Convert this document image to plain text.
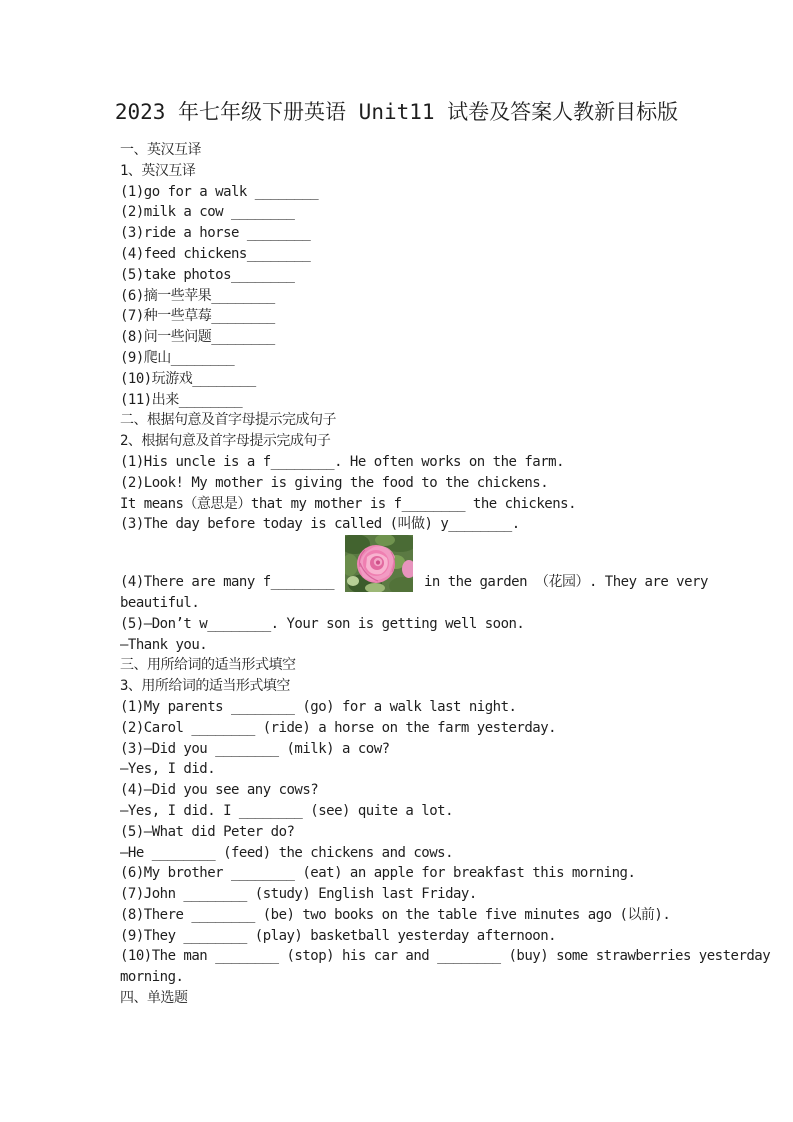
2023 年七年级下册英语 Unit11 试卷及答案人教新目标版

一、英汉互译

1、英汉互译

(1)go for a walk ________

(2)milk a cow ________

(3)ride a horse ________

(4)feed chickens________

(5)take photos________

(6)摘一些苹果________

(7)种一些草莓________

(8)问一些问题________

(9)爬山________

(10)玩游戏________

(11)出来________

二、根据句意及首字母提示完成句子

2、根据句意及首字母提示完成句子

(1)His uncle is a f________. He often works on the farm.

(2)Look! My mother is giving the food to the chickens.

It means（意思是）that my mother is f________ the chickens.

(3)The day before today is called (叫做) y________.

(4)There are many f________	in the garden （花园）. They are very

beautiful.

(5)—Don’t w________. Your son is getting well soon.

—Thank you.

三、用所给词的适当形式填空

3、用所给词的适当形式填空

(1)My parents ________ (go) for a walk last night.

(2)Carol ________ (ride) a horse on the farm yesterday.

(3)—Did you ________ (milk) a cow?

—Yes, I did.

(4)—Did you see any cows?

—Yes, I did. I ________ (see) quite a lot.

(5)—What did Peter do?

—He ________ (feed) the chickens and cows.

(6)My brother ________ (eat) an apple for breakfast this morning.

(7)John ________ (study) English last Friday.

(8)There ________ (be) two books on the table five minutes ago (以前).

(9)They ________ (play) basketball yesterday afternoon.

(10)The man ________ (stop) his car and ________ (buy) some strawberries yesterday

morning.

四、单选题
